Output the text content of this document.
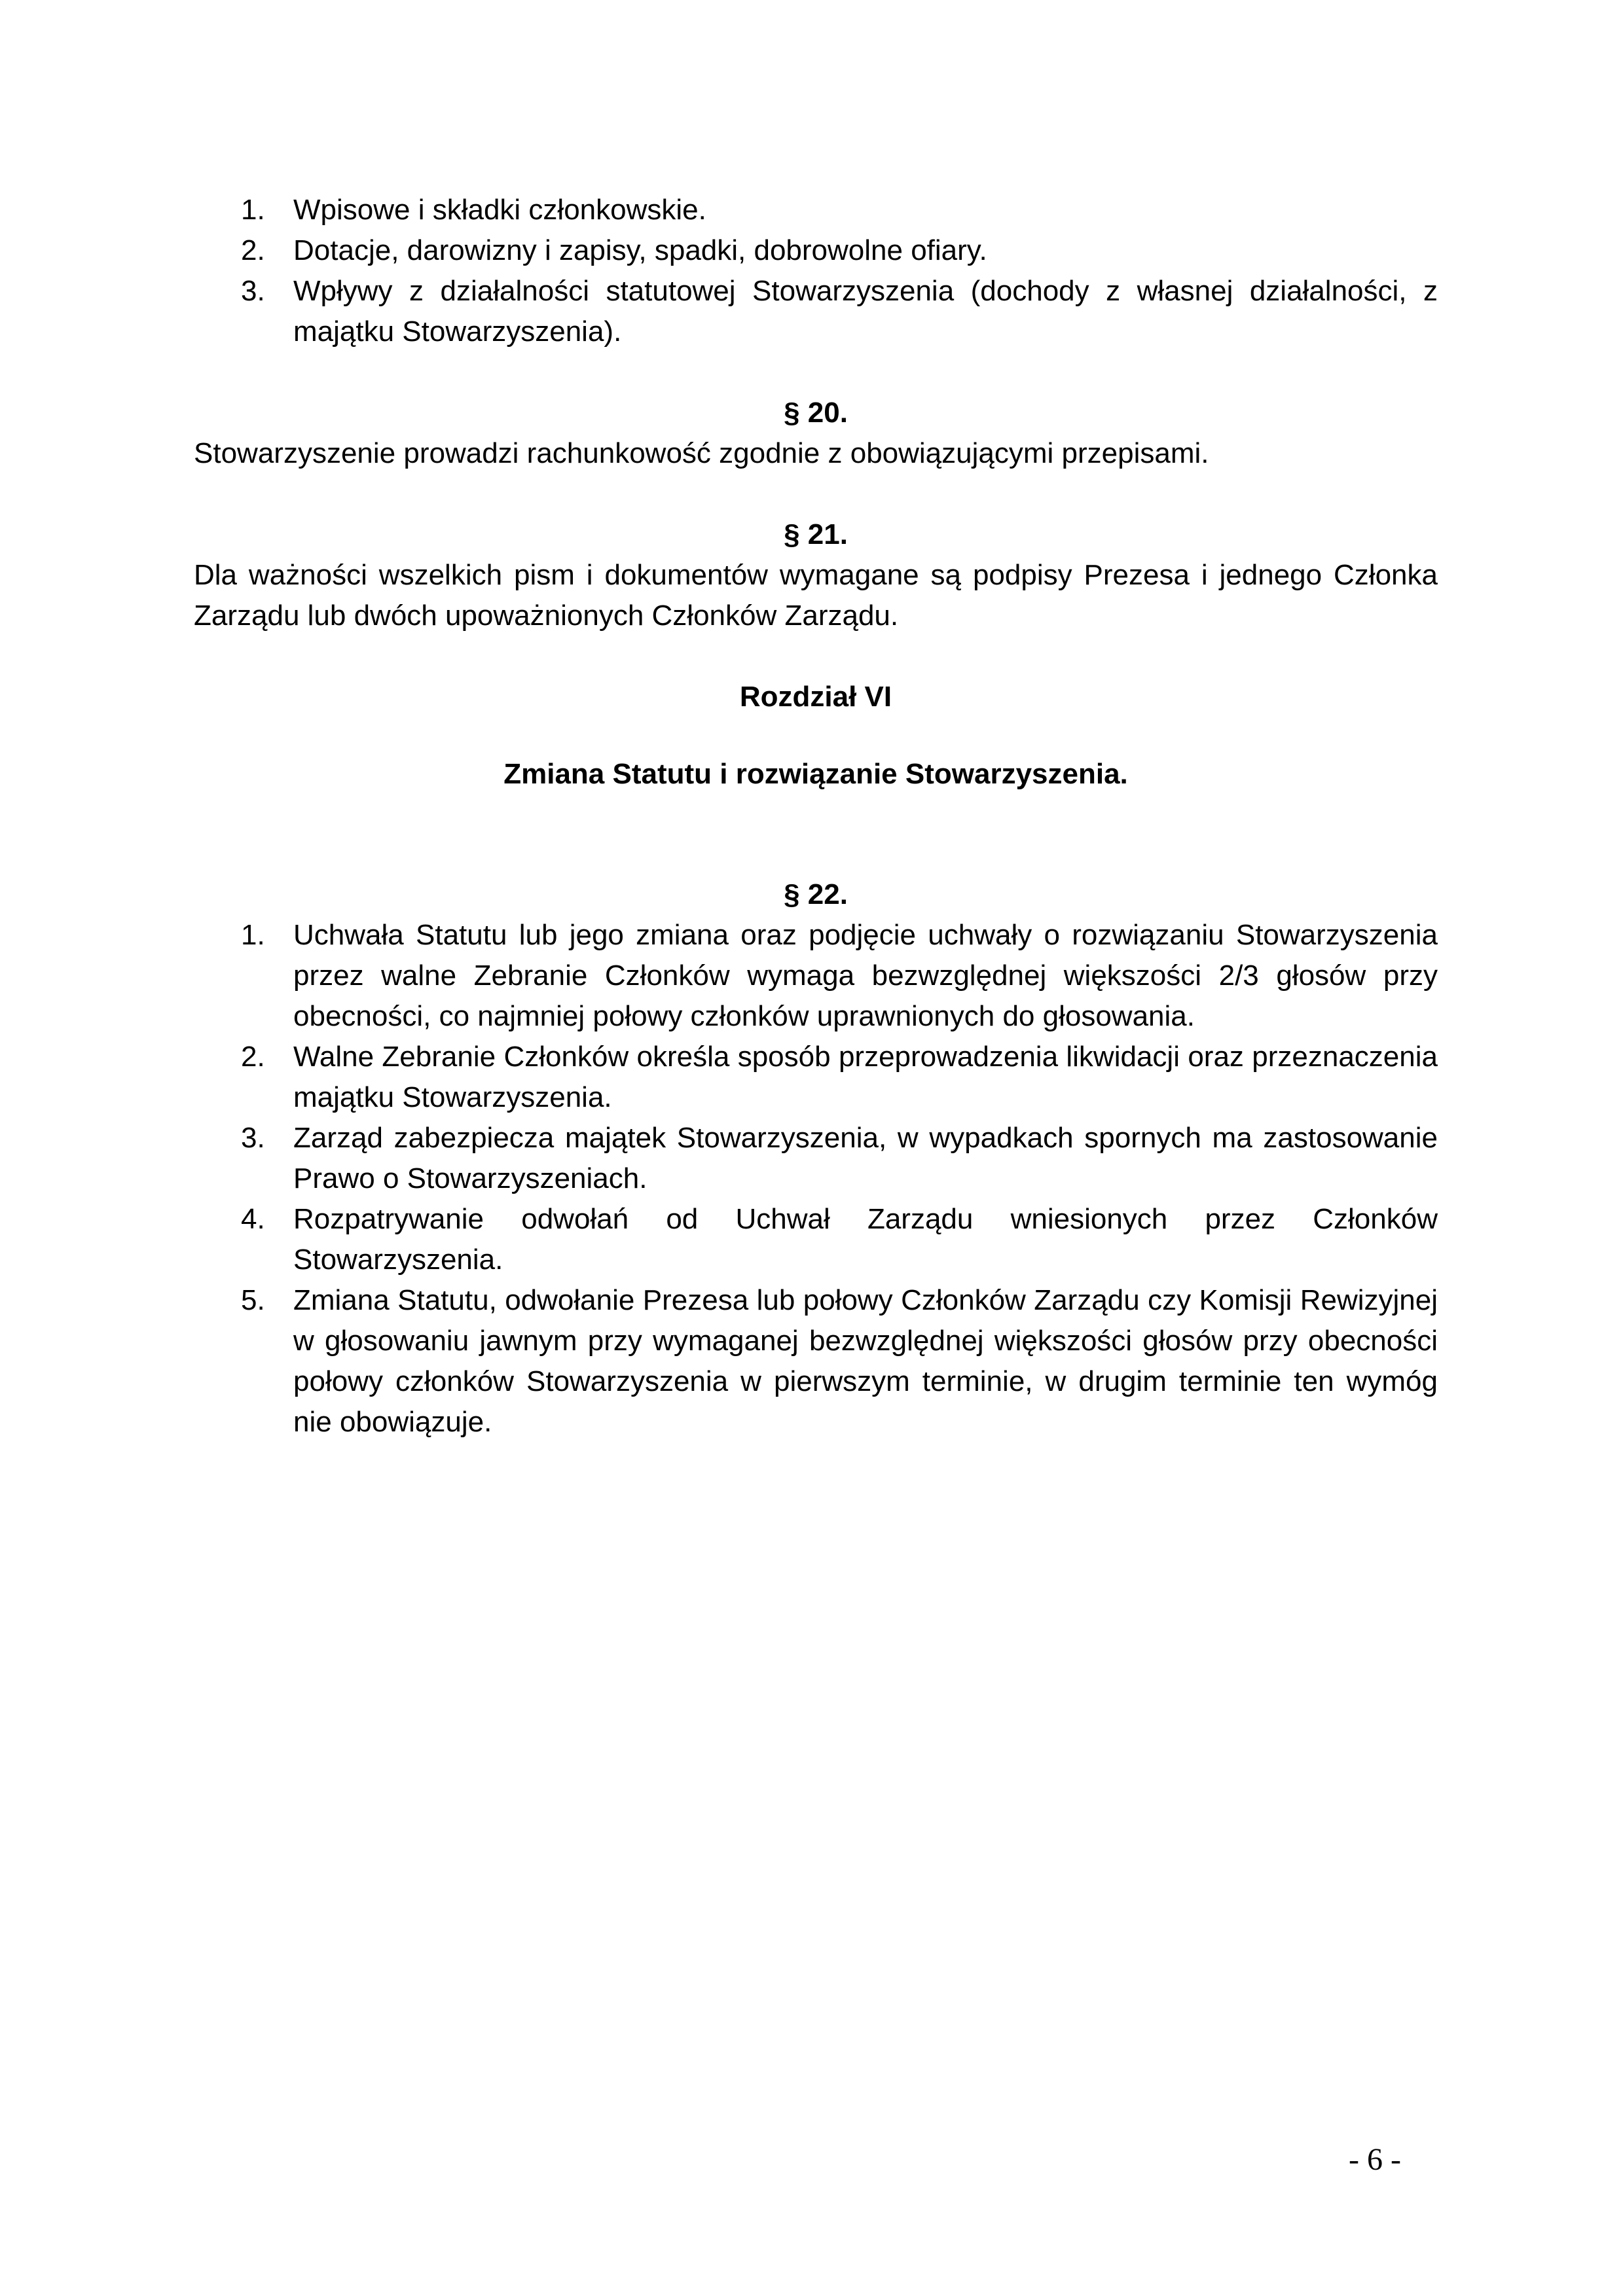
1. Wpisowe i składki członkowskie.
2. Dotacje, darowizny i zapisy, spadki, dobrowolne ofiary.
3. Wpływy z działalności statutowej Stowarzyszenia (dochody z własnej działalności, z majątku Stowarzyszenia).
§ 20.
Stowarzyszenie prowadzi rachunkowość zgodnie z obowiązującymi przepisami.
§ 21.
Dla ważności wszelkich pism i dokumentów wymagane są podpisy Prezesa i jednego Członka Zarządu lub dwóch upoważnionych Członków Zarządu.
Rozdział VI
Zmiana Statutu i rozwiązanie Stowarzyszenia.
§ 22.
1. Uchwała Statutu lub jego zmiana oraz podjęcie uchwały o rozwiązaniu Stowarzyszenia przez walne Zebranie Członków wymaga bezwzględnej większości 2/3 głosów przy obecności, co najmniej połowy członków uprawnionych do głosowania.
2. Walne Zebranie Członków określa sposób przeprowadzenia likwidacji oraz przeznaczenia majątku Stowarzyszenia.
3. Zarząd zabezpiecza majątek Stowarzyszenia, w wypadkach spornych ma zastosowanie Prawo o Stowarzyszeniach.
4. Rozpatrywanie odwołań od Uchwał Zarządu wniesionych przez Członków Stowarzyszenia.
5. Zmiana Statutu, odwołanie Prezesa lub połowy Członków Zarządu czy Komisji Rewizyjnej w głosowaniu jawnym przy wymaganej bezwzględnej większości głosów przy obecności połowy członków Stowarzyszenia w pierwszym terminie, w drugim terminie ten wymóg nie obowiązuje.
- 6 -
